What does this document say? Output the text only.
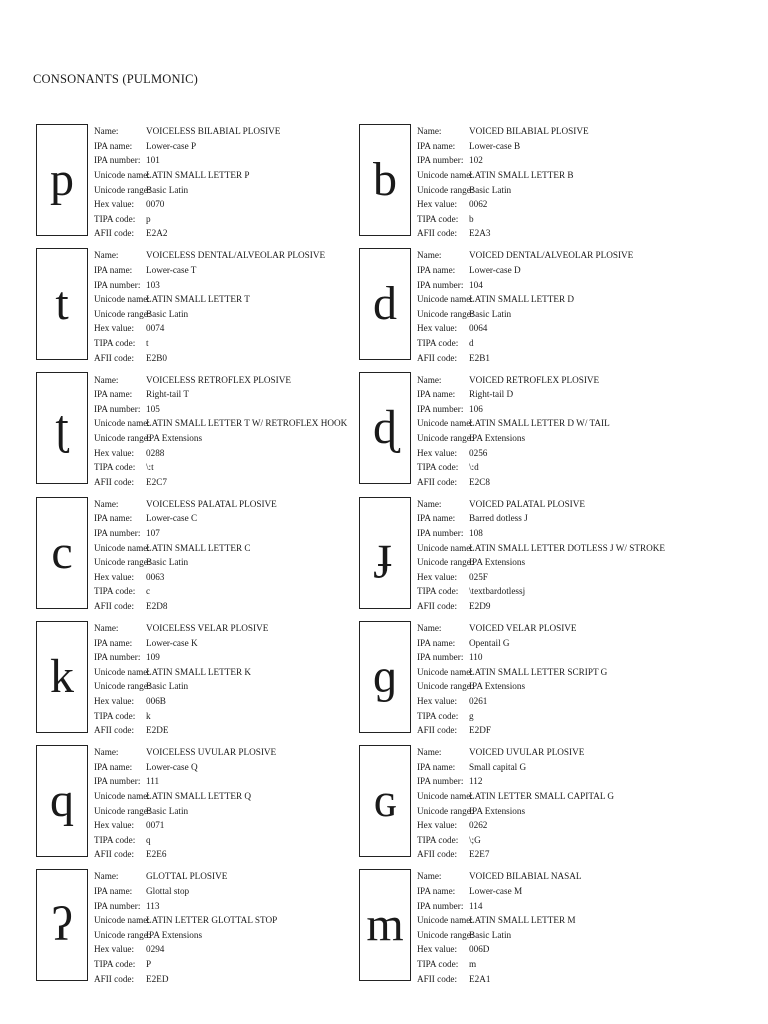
CONSONANTS (PULMONIC)
p
Name:	VOICELESS BILABIAL PLOSIVE
IPA name:	Lower-case P
IPA number: 101
Unicode name:
LATIN SMALL LETTER P
Unicode range:
Basic Latin
Hex value:	0070
TIPA code:	p
AFII code:	E2A2
b
Name:	VOICED BILABIAL PLOSIVE
IPA name:	Lower-case B
IPA number: 102
Unicode name:
LATIN SMALL LETTER B
Unicode range:
Basic Latin
Hex value:	0062
TIPA code:	b
AFII code:	E2A3
t
Name:	VOICELESS DENTAL/ALVEOLAR PLOSIVE
IPA name:	Lower-case T
IPA number: 103
Unicode name:
LATIN SMALL LETTER T
Unicode range:
Basic Latin
Hex value:	0074
TIPA code:	t
AFII code:	E2B0
d
Name:	VOICED DENTAL/ALVEOLAR PLOSIVE
IPA name:	Lower-case D
IPA number: 104
Unicode name:
LATIN SMALL LETTER D
Unicode range:
Basic Latin
Hex value:	0064
TIPA code:	d
AFII code:	E2B1
ʈ
Name:	VOICELESS RETROFLEX PLOSIVE
IPA name:	Right-tail T
IPA number: 105
Unicode name:
LATIN SMALL LETTER T W/ RETROFLEX HOOK
Unicode range:
IPA Extensions
Hex value:	0288
TIPA code:	\:t
AFII code:	E2C7
ɖ
Name:	VOICED RETROFLEX PLOSIVE
IPA name:	Right-tail D
IPA number: 106
Unicode name:
LATIN SMALL LETTER D W/ TAIL
Unicode range:
IPA Extensions
Hex value:	0256
TIPA code:	\:d
AFII code:	E2C8
c
Name:	VOICELESS PALATAL PLOSIVE
IPA name:	Lower-case C
IPA number: 107
Unicode name:
LATIN SMALL LETTER C
Unicode range:
Basic Latin
Hex value:	0063
TIPA code:	c
AFII code:	E2D8
ɟ
Name:	VOICED PALATAL PLOSIVE
IPA name:	Barred dotless J
IPA number: 108
Unicode name:
LATIN SMALL LETTER DOTLESS J W/ STROKE
Unicode range:
IPA Extensions
Hex value:	025F
TIPA code:	\textbardotlessj
AFII code:	E2D9
k
Name:	VOICELESS VELAR PLOSIVE
IPA name:	Lower-case K
IPA number: 109
Unicode name:
LATIN SMALL LETTER K
Unicode range:
Basic Latin
Hex value:	006B
TIPA code:	k
AFII code:	E2DE
ɡ
Name:	VOICED VELAR PLOSIVE
IPA name:	Opentail G
IPA number: 110
Unicode name:
LATIN SMALL LETTER SCRIPT G
Unicode range:
IPA Extensions
Hex value:	0261
TIPA code:	g
AFII code:	E2DF
q
Name:	VOICELESS UVULAR PLOSIVE
IPA name:	Lower-case Q
IPA number: 111
Unicode name:
LATIN SMALL LETTER Q
Unicode range:
Basic Latin
Hex value:	0071
TIPA code:	q
AFII code:	E2E6
ɢ
Name:	VOICED UVULAR PLOSIVE
IPA name:	Small capital G
IPA number: 112
Unicode name:
LATIN LETTER SMALL CAPITAL G
Unicode range:
IPA Extensions
Hex value:	0262
TIPA code:	\;G
AFII code:	E2E7
ʔ
Name:	GLOTTAL PLOSIVE
IPA name:	Glottal stop
IPA number: 113
Unicode name:
LATIN LETTER GLOTTAL STOP
Unicode range:
IPA Extensions
Hex value:	0294
TIPA code:	P
AFII code:	E2ED
m
Name:	VOICED BILABIAL NASAL
IPA name:	Lower-case M
IPA number: 114
Unicode name:
LATIN SMALL LETTER M
Unicode range:
Basic Latin
Hex value:	006D
TIPA code:	m
AFII code:	E2A1
